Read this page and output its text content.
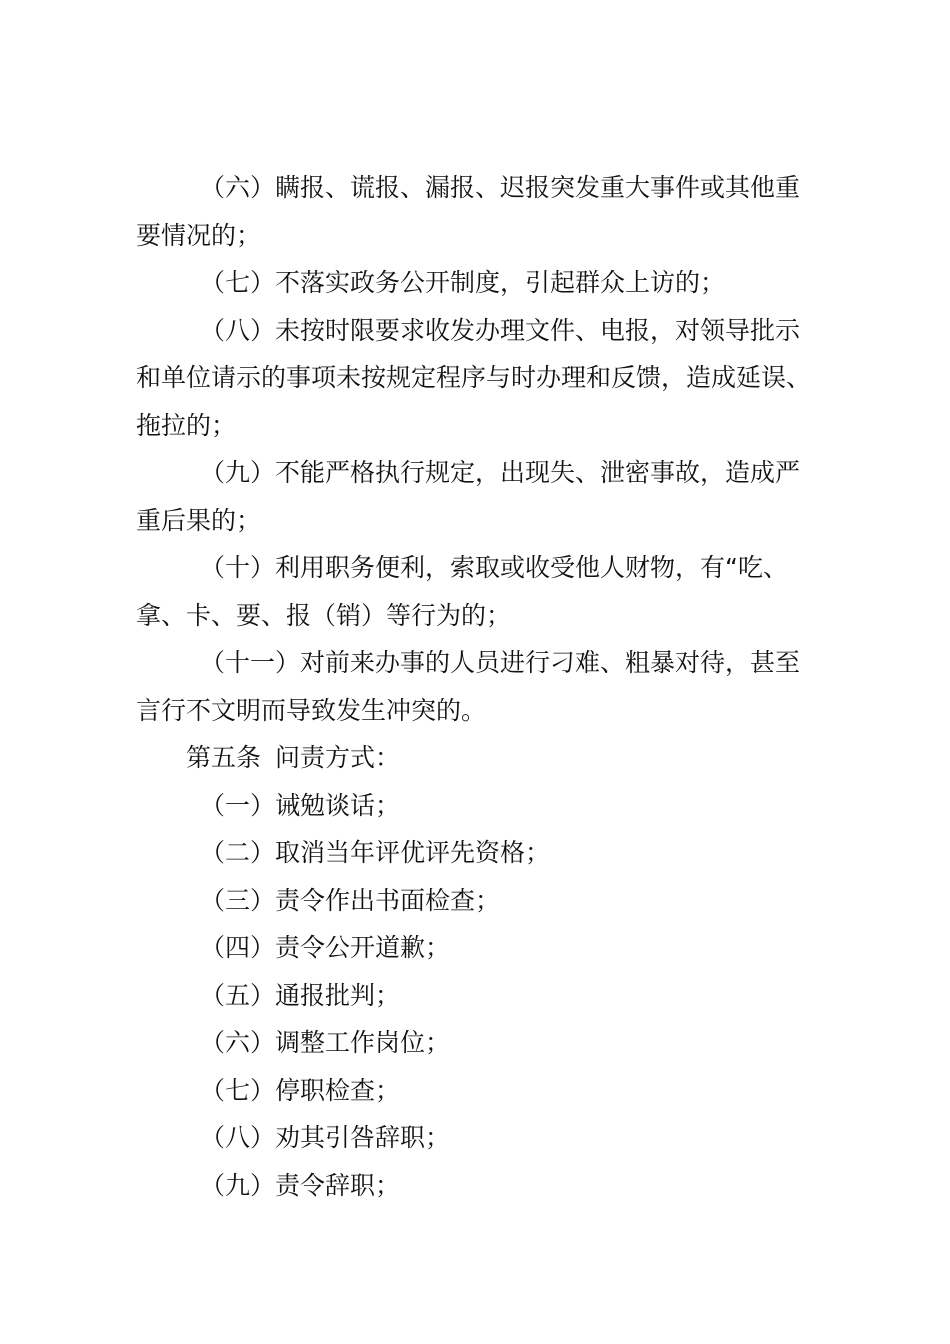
（六）瞒报、谎报、漏报、迟报突发重大事件或其他重
要情况的；

（七）不落实政务公开制度，引起群众上访的；

（八）未按时限要求收发办理文件、电报，对领导批示
和单位请示的事项未按规定程序与时办理和反馈，造成延误、
拖拉的；

（九）不能严格执行规定，出现失、泄密事故，造成严
重后果的；

（十）利用职务便利，索取或收受他人财物，有“吃、
拿、卡、要、报（销）等行为的；

（十一）对前来办事的人员进行刁难、粗暴对待，甚至
言行不文明而导致发生冲突的。

第五条 问责方式：

（一）诫勉谈话；

（二）取消当年评优评先资格；

（三）责令作出书面检查；

（四）责令公开道歉；

（五）通报批判；

（六）调整工作岗位；

（七）停职检查；

（八）劝其引咎辞职；

（九）责令辞职；
